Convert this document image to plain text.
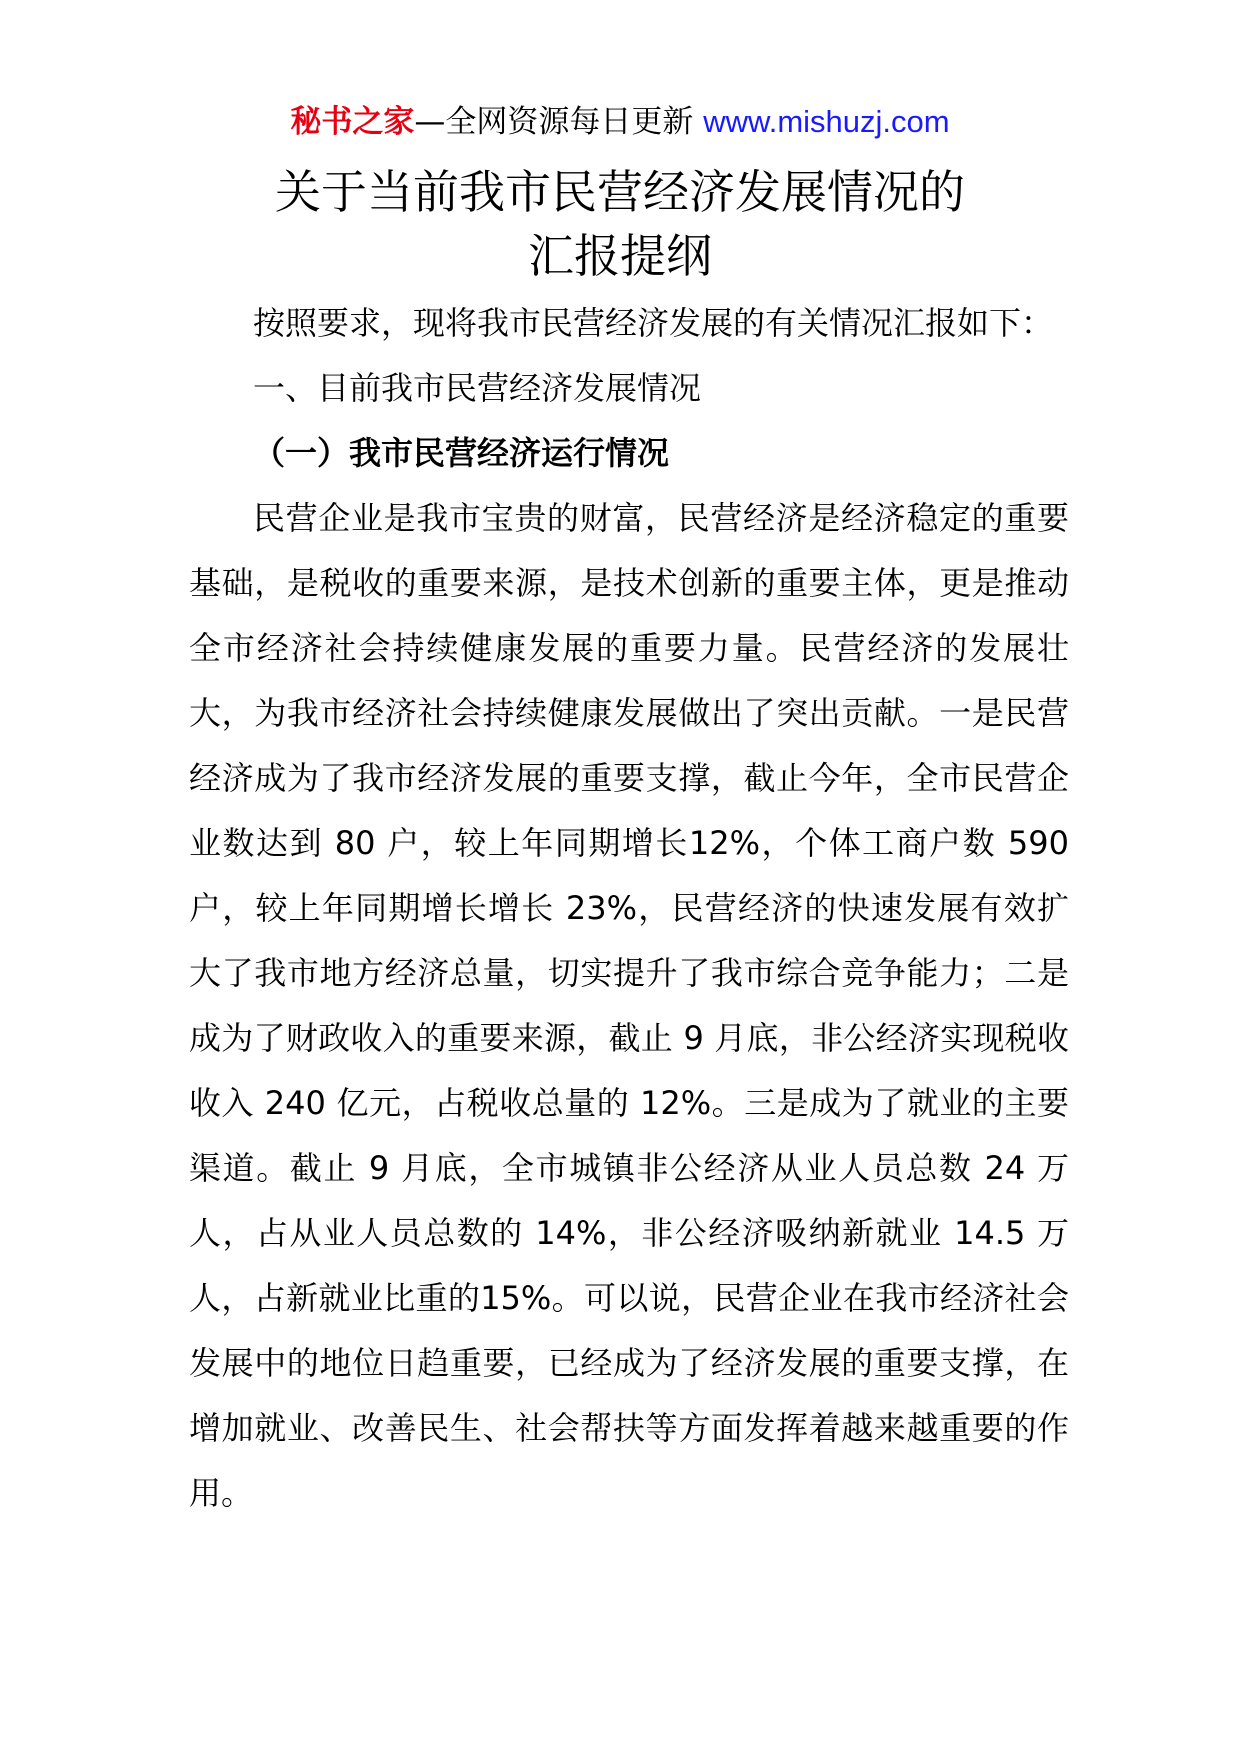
秘书之家—全网资源每日更新 www.mishuzj.com
关于当前我市民营经济发展情况的
汇报提纲

按照要求，现将我市民营经济发展的有关情况汇报如下：

一、目前我市民营经济发展情况

（一）我市民营经济运行情况

民营企业是我市宝贵的财富，民营经济是经济稳定的重要基础，是税收的重要来源，是技术创新的重要主体，更是推动全市经济社会持续健康发展的重要力量。民营经济的发展壮大，为我市经济社会持续健康发展做出了突出贡献。一是民营经济成为了我市经济发展的重要支撑，截止今年，全市民营企业数达到 80 户，较上年同期增长12%，个体工商户数 590 户，较上年同期增长增长 23%，民营经济的快速发展有效扩大了我市地方经济总量，切实提升了我市综合竞争能力；二是成为了财政收入的重要来源，截止 9 月底，非公经济实现税收收入 240 亿元，占税收总量的 12%。三是成为了就业的主要渠道。截止 9 月底，全市城镇非公经济从业人员总数 24 万人，占从业人员总数的 14%，非公经济吸纳新就业 14.5 万人，占新就业比重的15%。可以说，民营企业在我市经济社会发展中的地位日趋重要，已经成为了经济发展的重要支撑，在增加就业、改善民生、社会帮扶等方面发挥着越来越重要的作用。
